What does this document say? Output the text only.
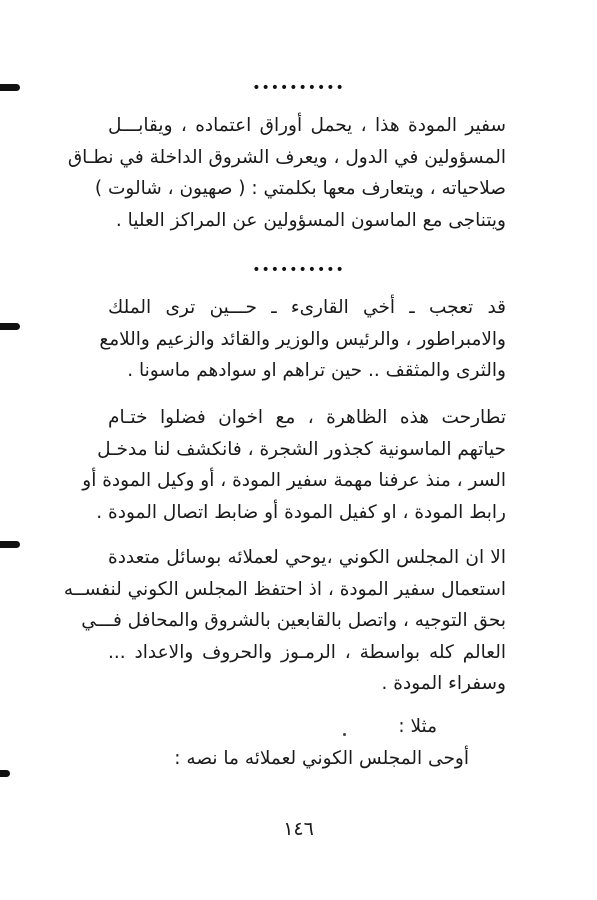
••••••••••
سفير المودة هذا ، يحمل أوراق اعتماده ، ويقابـــل
المسؤولين في الدول ، ويعرف الشروق الداخلة في نطـاق
صلاحياته ، ويتعارف معها بكلمتي : ( صهيون ، شالوت )
ويتناجى مع الماسون المسؤولين عن المراكز العليا .
••••••••••
قد تعجب ـ أخي القارىء ـ حـــين ترى الملك
والامبراطور ، والرئيس والوزير والقائد والزعيم واللامع
والثرى والمثقف .. حين تراهم او سوادهم ماسونا .
تطارحت هذه الظاهرة ، مع اخوان فضلوا ختـام
حياتهم الماسونية كجذور الشجرة ، فانكشف لنا مدخـل
السر ، منذ عرفنا مهمة سفير المودة ، أو وكيل المودة أو
رابط المودة ، او كفيل المودة أو ضابط اتصال المودة .
الا ان المجلس الكوني ،يوحي لعملائه بوسائل متعددة
استعمال سفير المودة ، اذ احتفظ المجلس الكوني لنفســه
بحق التوجيه ، واتصل بالقابعين بالشروق والمحافل فـــي
العالم كله بواسطة ، الرمـوز والحروف والاعداد ...
وسفراء المودة .
مثلا :
أوحى المجلس الكوني لعملائه ما نصه :
١٤٦
